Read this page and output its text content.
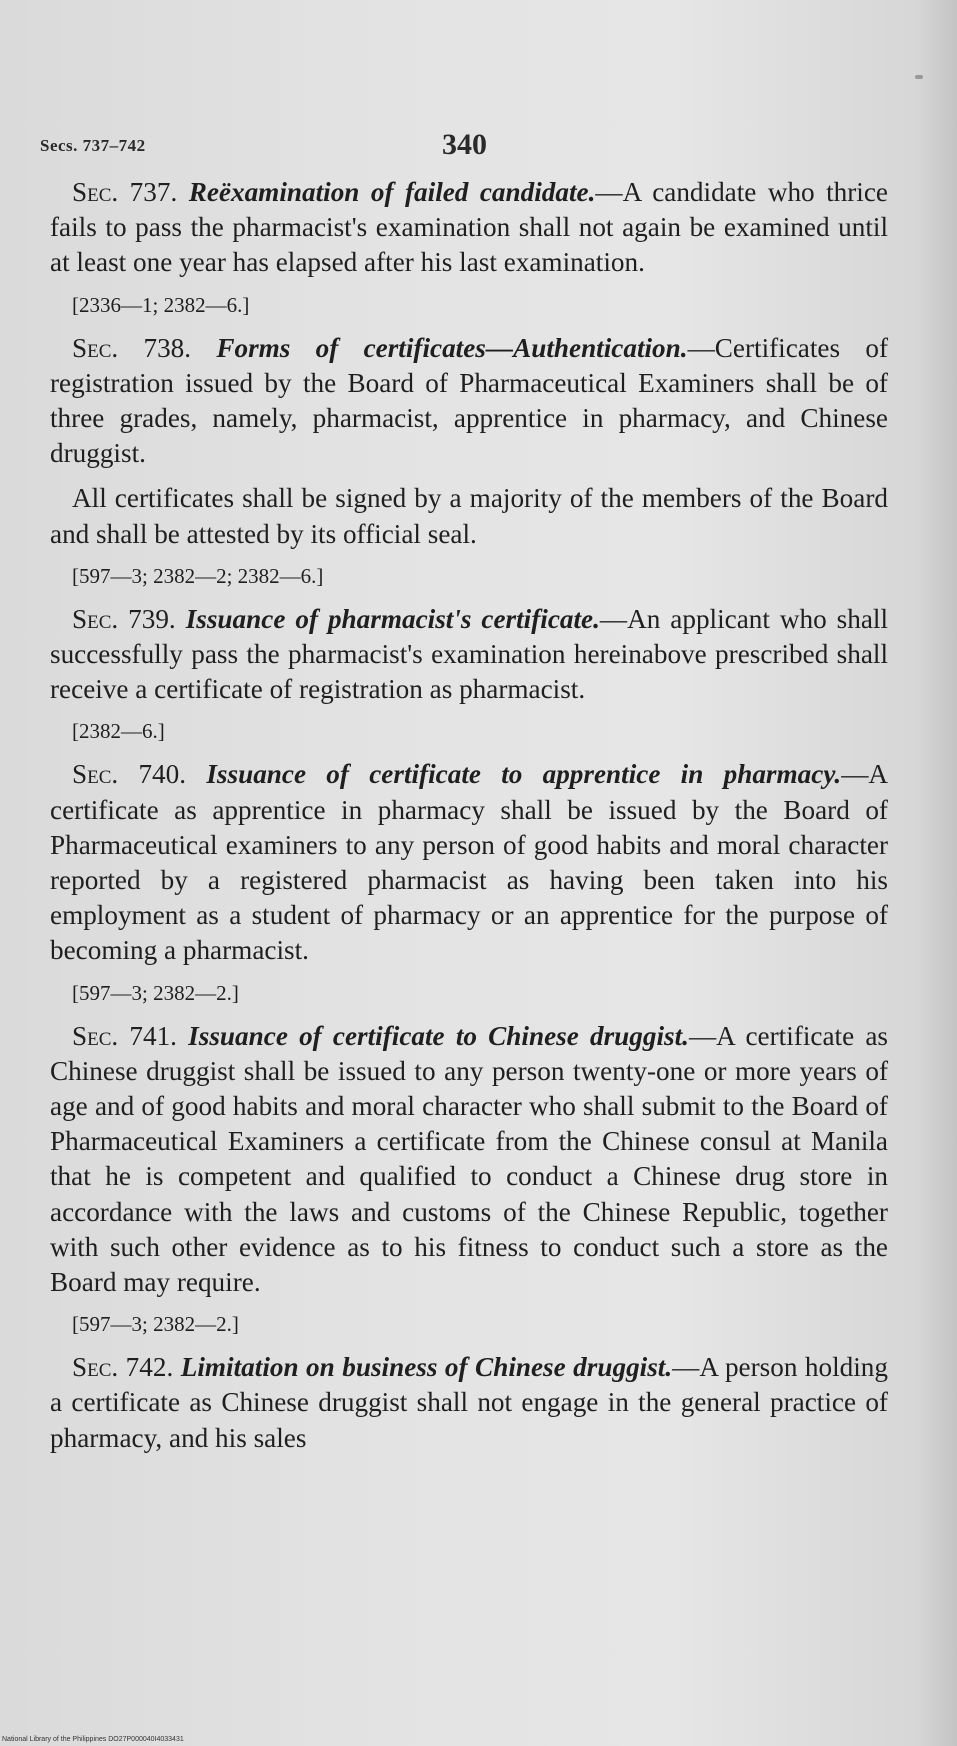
Secs. 737–742	340

Sec. 737. Reëxamination of failed candidate.—A candidate who thrice fails to pass the pharmacist's examination shall not again be examined until at least one year has elapsed after his last examination.

[2336—1; 2382—6.]

Sec. 738. Forms of certificates—Authentication.—Certificates of registration issued by the Board of Pharmaceutical Examiners shall be of three grades, namely, pharmacist, apprentice in pharmacy, and Chinese druggist.

All certificates shall be signed by a majority of the members of the Board and shall be attested by its official seal.

[597—3; 2382—2; 2382—6.]

Sec. 739. Issuance of pharmacist's certificate.—An applicant who shall successfully pass the pharmacist's examination hereinabove prescribed shall receive a certificate of registration as pharmacist.

[2382—6.]

Sec. 740. Issuance of certificate to apprentice in pharmacy.—A certificate as apprentice in pharmacy shall be issued by the Board of Pharmaceutical examiners to any person of good habits and moral character reported by a registered pharmacist as having been taken into his employment as a student of pharmacy or an apprentice for the purpose of becoming a pharmacist.

[597—3; 2382—2.]

Sec. 741. Issuance of certificate to Chinese druggist.—A certificate as Chinese druggist shall be issued to any person twenty-one or more years of age and of good habits and moral character who shall submit to the Board of Pharmaceutical Examiners a certificate from the Chinese consul at Manila that he is competent and qualified to conduct a Chinese drug store in accordance with the laws and customs of the Chinese Republic, together with such other evidence as to his fitness to conduct such a store as the Board may require.

[597—3; 2382—2.]

Sec. 742. Limitation on business of Chinese druggist.—A person holding a certificate as Chinese druggist shall not engage in the general practice of pharmacy, and his sales

National Library of the Philippines DO27P000040I4033431
